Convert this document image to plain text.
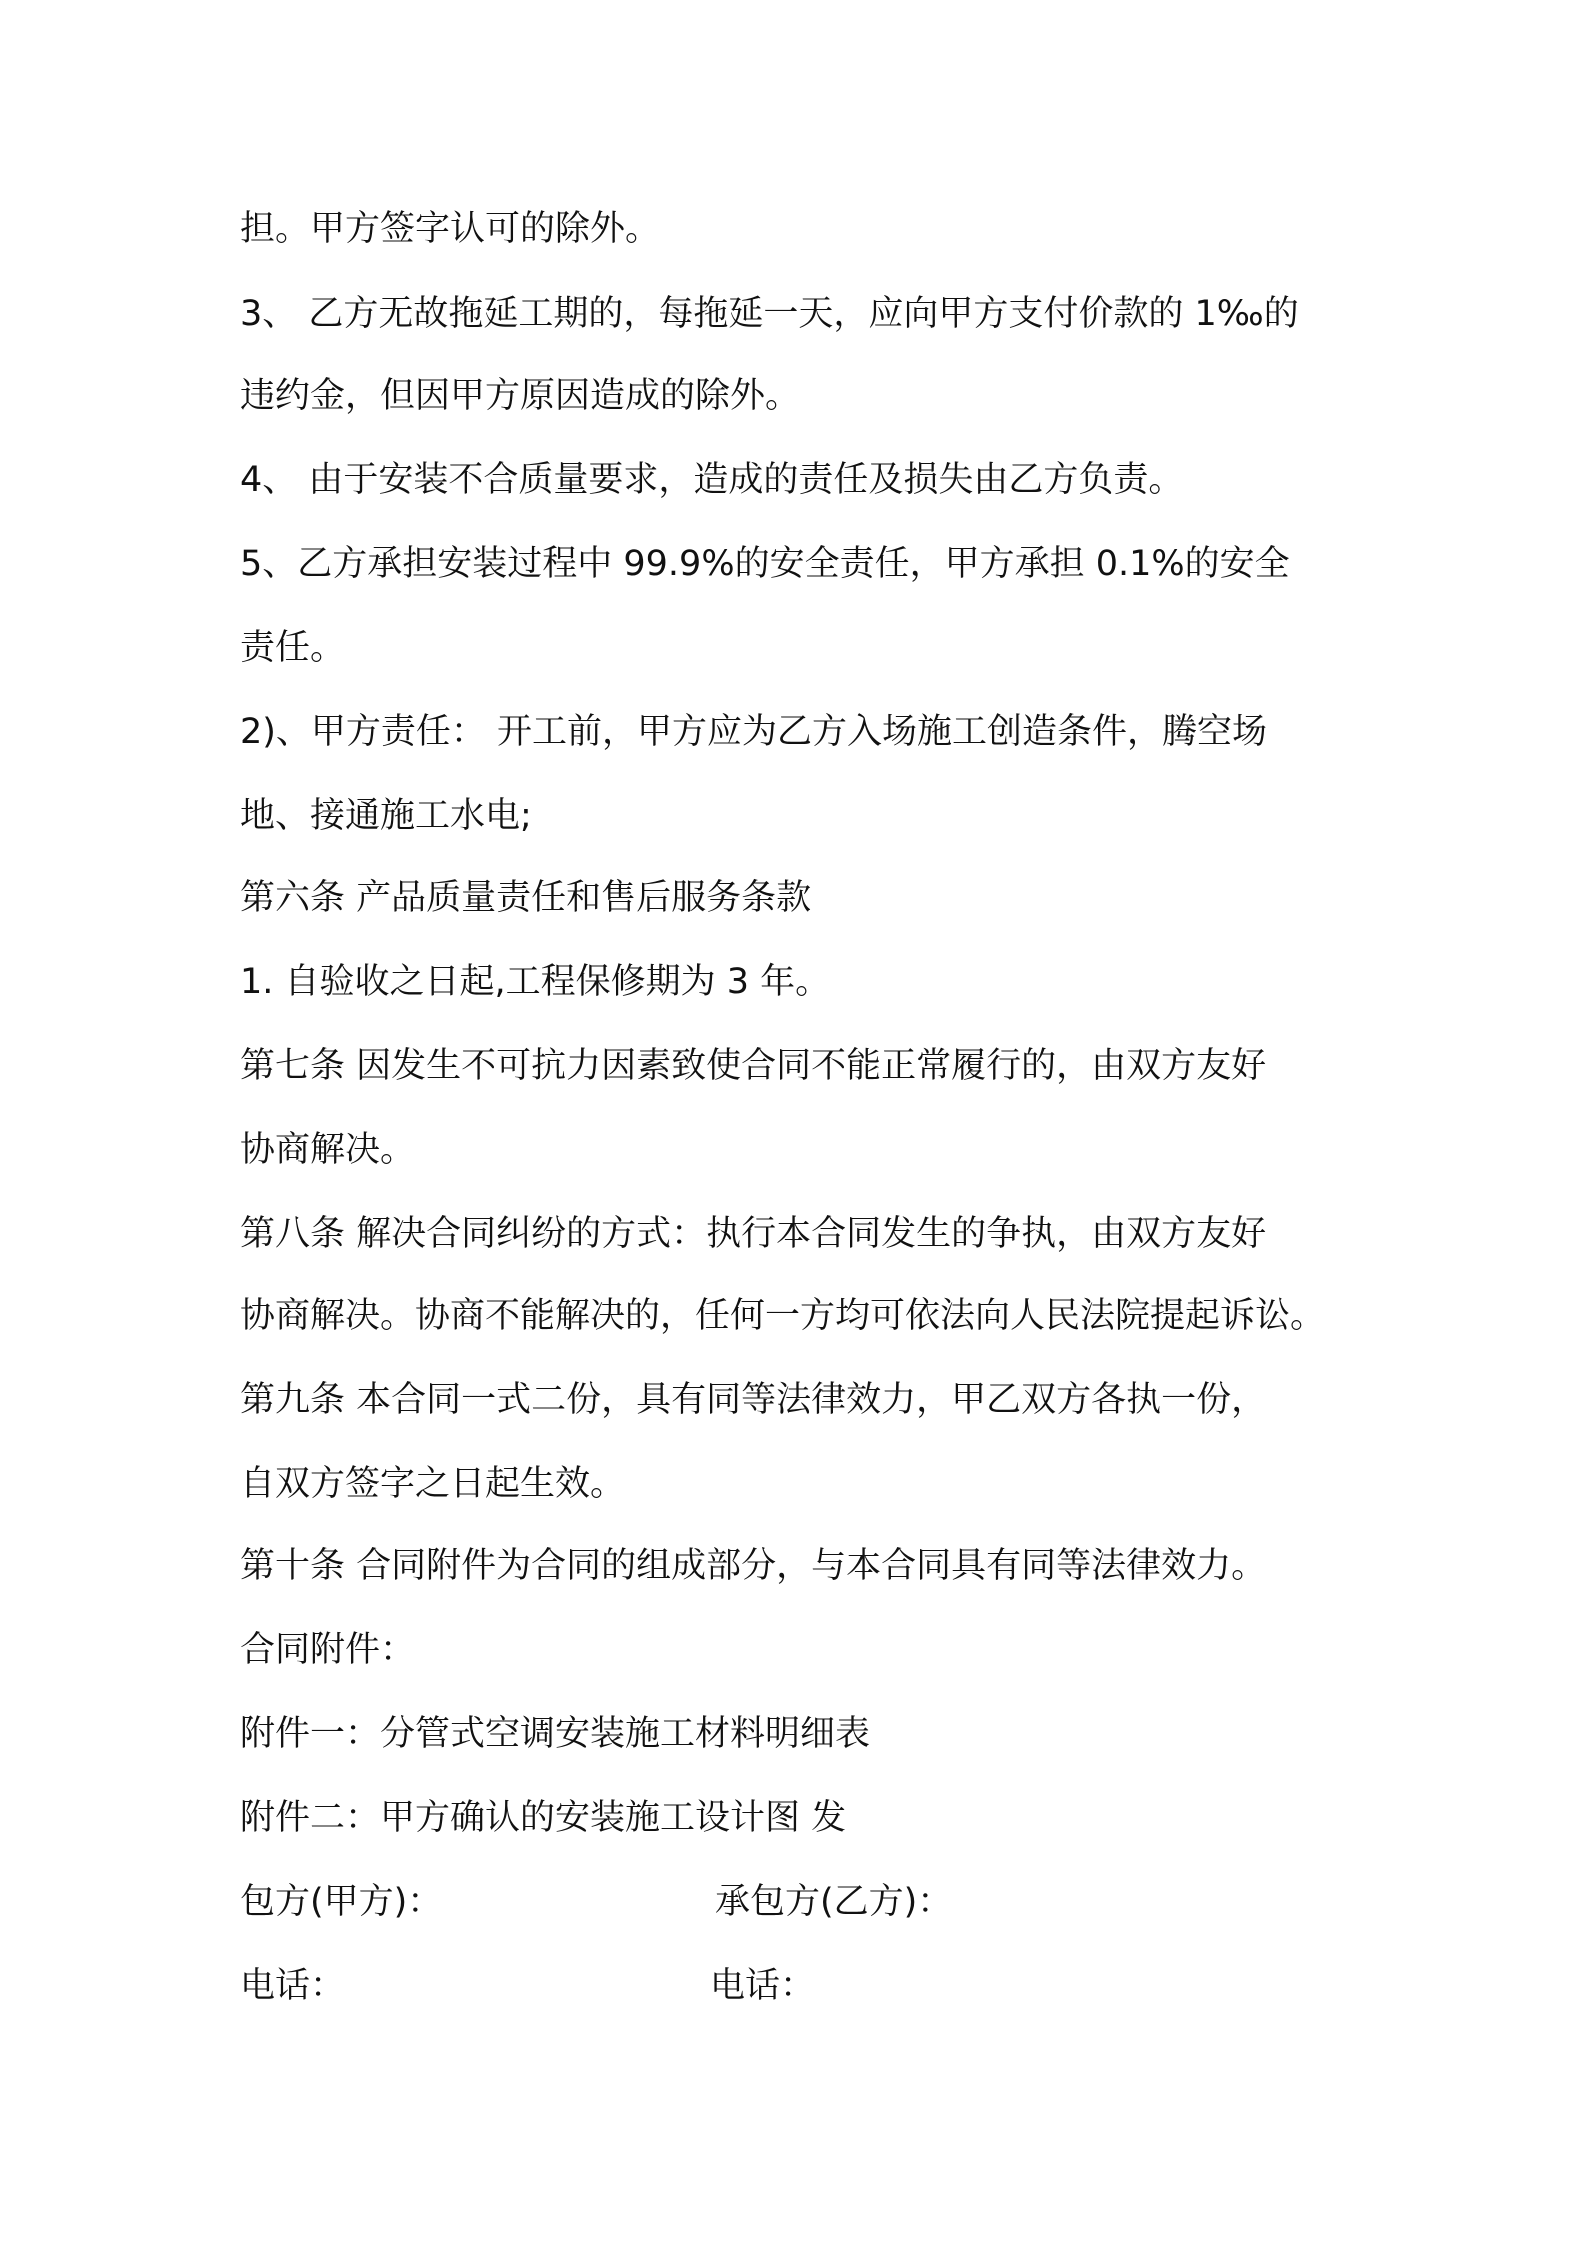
担。甲方签字认可的除外。
3、 乙方无故拖延工期的，每拖延一天，应向甲方支付价款的 1‰的
违约金，但因甲方原因造成的除外。
4、 由于安装不合质量要求，造成的责任及损失由乙方负责。
5、乙方承担安装过程中 99.9%的安全责任，甲方承担 0.1%的安全
责任。
2)、甲方责任： 开工前，甲方应为乙方入场施工创造条件，腾空场
地、接通施工水电;
第六条 产品质量责任和售后服务条款
1. 自验收之日起,工程保修期为 3 年。
第七条 因发生不可抗力因素致使合同不能正常履行的，由双方友好
协商解决。
第八条 解决合同纠纷的方式：执行本合同发生的争执，由双方友好
协商解决。协商不能解决的，任何一方均可依法向人民法院提起诉讼。
第九条 本合同一式二份，具有同等法律效力，甲乙双方各执一份，
自双方签字之日起生效。
第十条 合同附件为合同的组成部分，与本合同具有同等法律效力。
合同附件：
附件一：分管式空调安装施工材料明细表
附件二：甲方确认的安装施工设计图 发
包方(甲方)：	承包方(乙方)：
电话：	电话：
